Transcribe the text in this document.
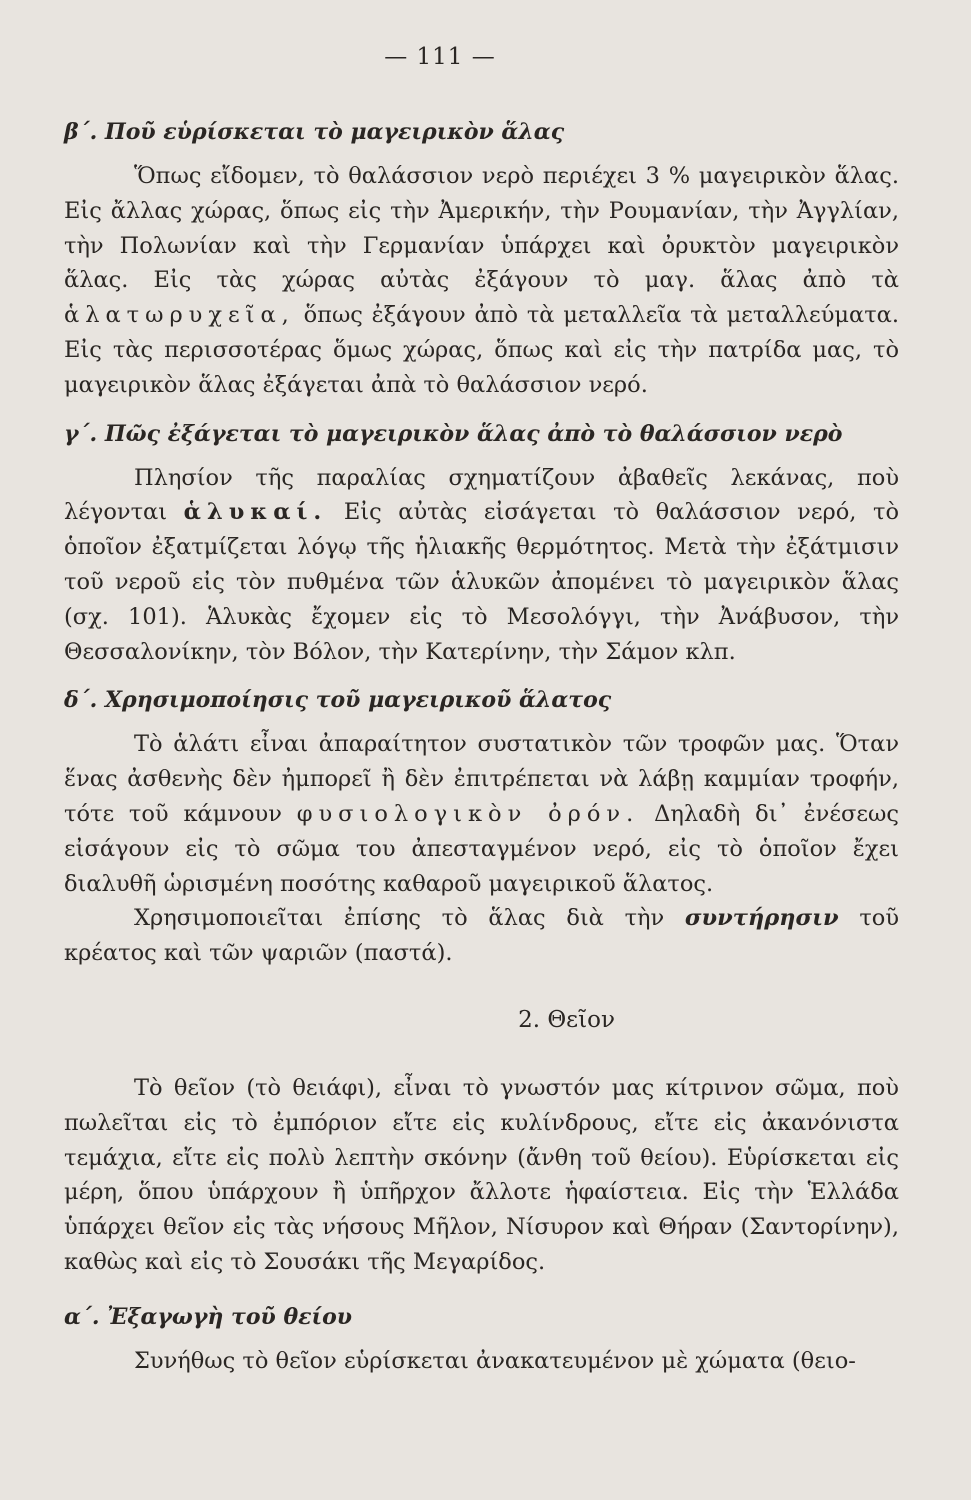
— 111 —
β΄. Ποῦ εὑρίσκεται τὸ μαγειρικὸν ἅλας

Ὅπως εἴδομεν, τὸ θαλάσσιον νερὸ περιέχει 3 % μαγειρικὸν ἅλας. Εἰς ἄλλας χώρας, ὅπως εἰς τὴν Ἀμερικήν, τὴν Ρουμανίαν, τὴν Ἀγγλίαν, τὴν Πολωνίαν καὶ τὴν Γερμανίαν ὑπάρχει καὶ ὀρυκτὸν μαγειρικὸν ἅλας. Εἰς τὰς χώρας αὐτὰς ἐξάγουν τὸ μαγ. ἅλας ἀπὸ τὰ ἁλατωρυχεῖα, ὅπως ἐξάγουν ἀπὸ τὰ μεταλλεῖα τὰ μεταλλεύματα. Εἰς τὰς περισσοτέρας ὅμως χώρας, ὅπως καὶ εἰς τὴν πατρίδα μας, τὸ μαγειρικὸν ἅλας ἐξάγεται ἀπὰ τὸ θαλάσσιον νερό.

γ΄. Πῶς ἐξάγεται τὸ μαγειρικὸν ἅλας ἀπὸ τὸ θαλάσσιον νερὸ

Πλησίον τῆς παραλίας σχηματίζουν ἀβαθεῖς λεκάνας, ποὺ λέγονται ἁλυκαί. Εἰς αὐτὰς εἰσάγεται τὸ θαλάσσιον νερό, τὸ ὁποῖον ἐξατμίζεται λόγῳ τῆς ἡλιακῆς θερμότητος. Μετὰ τὴν ἐξάτμισιν τοῦ νεροῦ εἰς τὸν πυθμένα τῶν ἁλυκῶν ἀπομένει τὸ μαγειρικὸν ἅλας (σχ. 101). Ἁλυκὰς ἔχομεν εἰς τὸ Μεσολόγγι, τὴν Ἀνάβυσον, τὴν Θεσσαλονίκην, τὸν Βόλον, τὴν Κατερίνην, τὴν Σάμον κλπ.

δ΄. Χρησιμοποίησις τοῦ μαγειρικοῦ ἅλατος

Τὸ ἁλάτι εἶναι ἀπαραίτητον συστατικὸν τῶν τροφῶν μας. Ὅταν ἕνας ἀσθενὴς δὲν ἠμπορεῖ ἢ δὲν ἐπιτρέπεται νὰ λάβῃ καμμίαν τροφήν, τότε τοῦ κάμνουν φυσιολογικὸν ὀρόν. Δηλαδὴ δι᾽ ἐνέσεως εἰσάγουν εἰς τὸ σῶμα του ἀπεσταγμένον νερό, εἰς τὸ ὁποῖον ἔχει διαλυθῆ ὡρισμένη ποσότης καθαροῦ μαγειρικοῦ ἅλατος.

Χρησιμοποιεῖται ἐπίσης τὸ ἅλας διὰ τὴν συντήρησιν τοῦ κρέατος καὶ τῶν ψαριῶν (παστά).

2. Θεῖον

Τὸ θεῖον (τὸ θειάφι), εἶναι τὸ γνωστόν μας κίτρινον σῶμα, ποὺ πωλεῖται εἰς τὸ ἐμπόριον εἴτε εἰς κυλίνδρους, εἴτε εἰς ἀκανόνιστα τεμάχια, εἴτε εἰς πολὺ λεπτὴν σκόνην (ἄνθη τοῦ θείου). Εὑρίσκεται εἰς μέρη, ὅπου ὑπάρχουν ἢ ὑπῆρχον ἄλλοτε ἡφαίστεια. Εἰς τὴν Ἑλλάδα ὑπάρχει θεῖον εἰς τὰς νήσους Μῆλον, Νίσυρον καὶ Θήραν (Σαντορίνην), καθὼς καὶ εἰς τὸ Σουσάκι τῆς Μεγαρίδος.

α΄. Ἐξαγωγὴ τοῦ θείου

Συνήθως τὸ θεῖον εὑρίσκεται ἀνακατευμένον μὲ χώματα (θειο-
